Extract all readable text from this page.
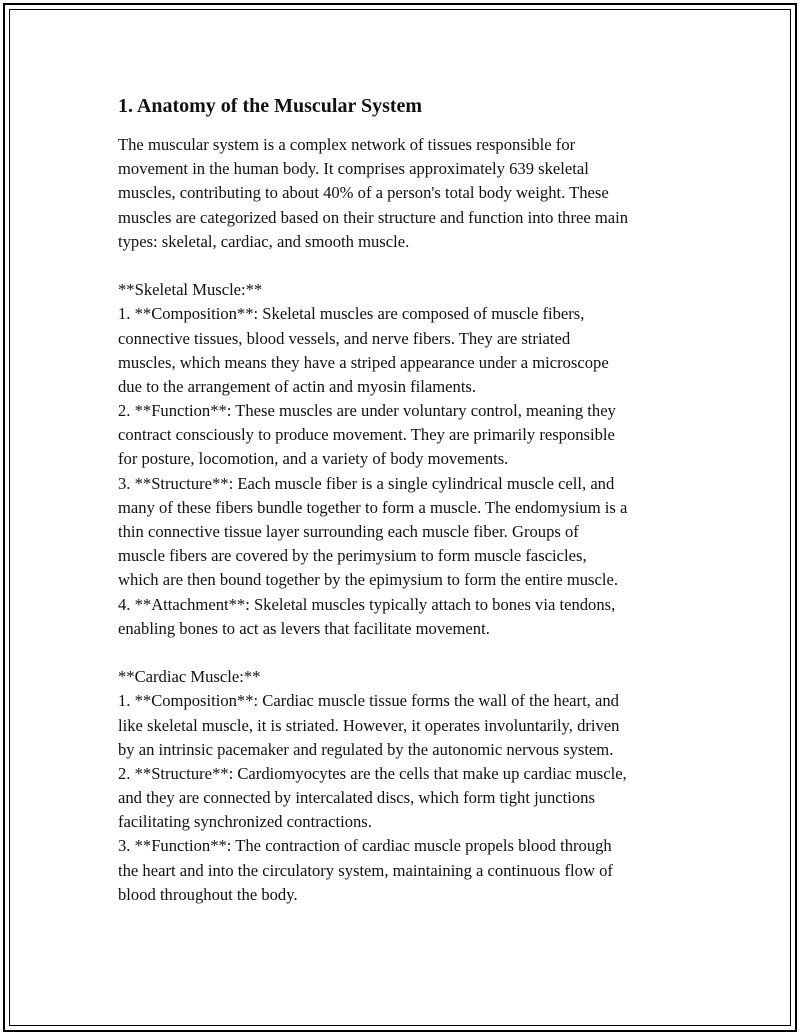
1. Anatomy of the Muscular System
The muscular system is a complex network of tissues responsible for
movement in the human body. It comprises approximately 639 skeletal
muscles, contributing to about 40% of a person's total body weight. These
muscles are categorized based on their structure and function into three main
types: skeletal, cardiac, and smooth muscle.
**Skeletal Muscle:**
1. **Composition**: Skeletal muscles are composed of muscle fibers,
connective tissues, blood vessels, and nerve fibers. They are striated
muscles, which means they have a striped appearance under a microscope
due to the arrangement of actin and myosin filaments.
2. **Function**: These muscles are under voluntary control, meaning they
contract consciously to produce movement. They are primarily responsible
for posture, locomotion, and a variety of body movements.
3. **Structure**: Each muscle fiber is a single cylindrical muscle cell, and
many of these fibers bundle together to form a muscle. The endomysium is a
thin connective tissue layer surrounding each muscle fiber. Groups of
muscle fibers are covered by the perimysium to form muscle fascicles,
which are then bound together by the epimysium to form the entire muscle.
4. **Attachment**: Skeletal muscles typically attach to bones via tendons,
enabling bones to act as levers that facilitate movement.
**Cardiac Muscle:**
1. **Composition**: Cardiac muscle tissue forms the wall of the heart, and
like skeletal muscle, it is striated. However, it operates involuntarily, driven
by an intrinsic pacemaker and regulated by the autonomic nervous system.
2. **Structure**: Cardiomyocytes are the cells that make up cardiac muscle,
and they are connected by intercalated discs, which form tight junctions
facilitating synchronized contractions.
3. **Function**: The contraction of cardiac muscle propels blood through
the heart and into the circulatory system, maintaining a continuous flow of
blood throughout the body.
